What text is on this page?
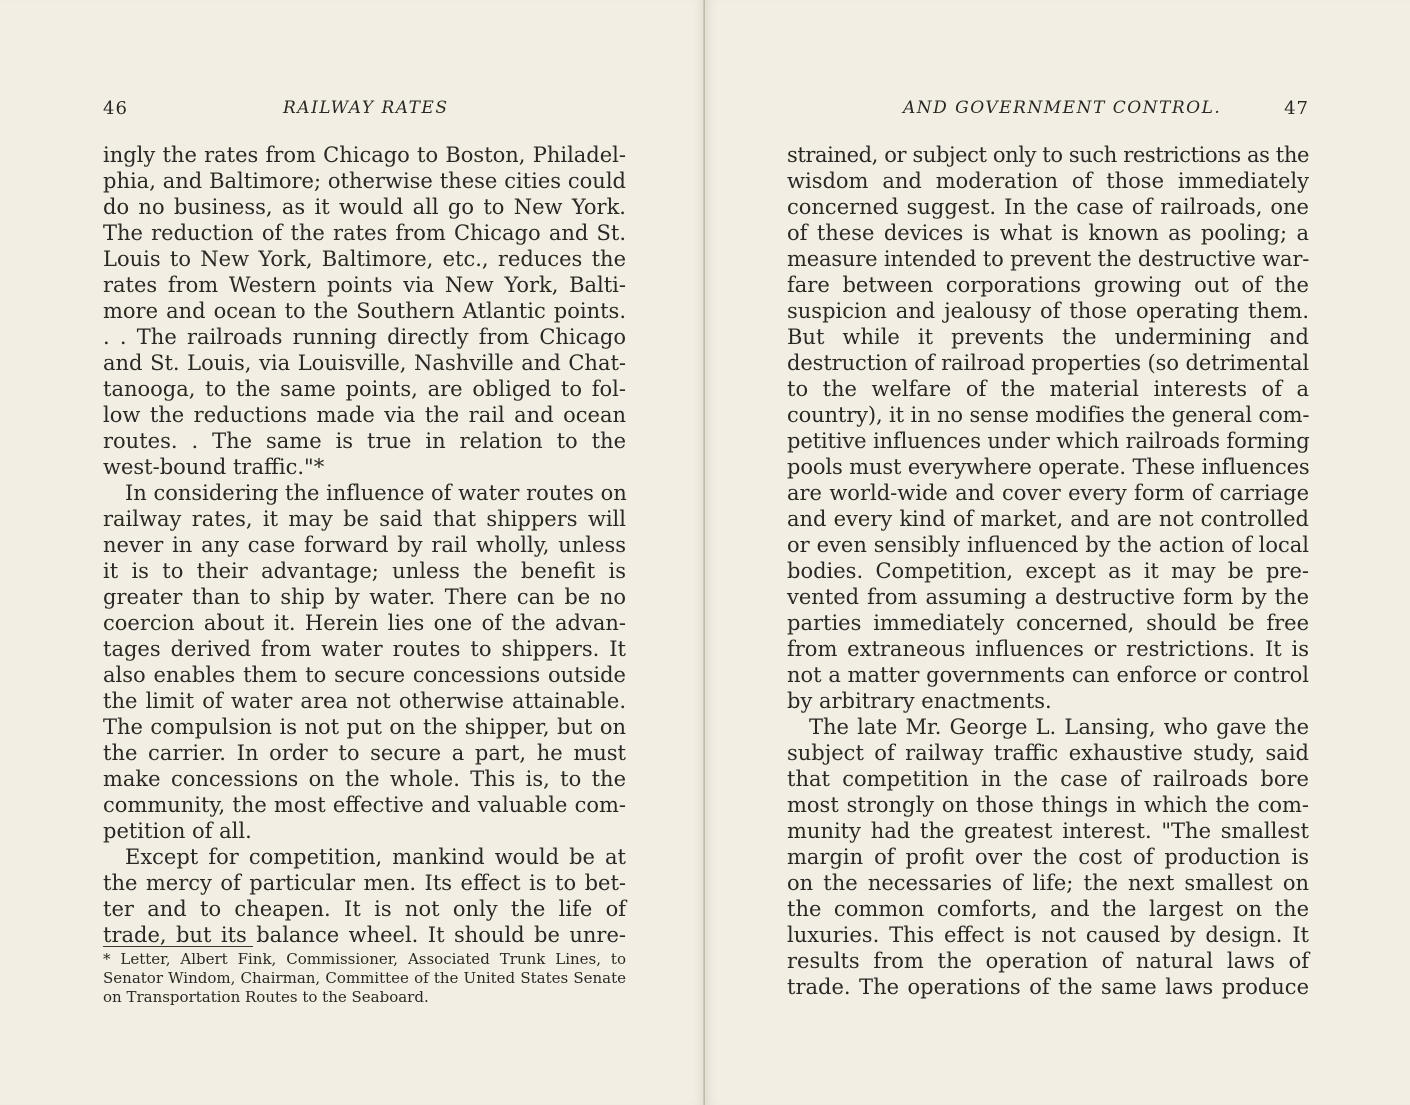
46	RAILWAY RATES
ingly the rates from Chicago to Boston, Philadel-
phia, and Baltimore; otherwise these cities could
do no business, as it would all go to New York.
The reduction of the rates from Chicago and St.
Louis to New York, Baltimore, etc., reduces the
rates from Western points via New York, Balti-
more and ocean to the Southern Atlantic points.
. . The railroads running directly from Chicago
and St. Louis, via Louisville, Nashville and Chat-
tanooga, to the same points, are obliged to fol-
low the reductions made via the rail and ocean
routes. . The same is true in relation to the
west-bound traffic."*
In considering the influence of water routes on
railway rates, it may be said that shippers will
never in any case forward by rail wholly, unless
it is to their advantage; unless the benefit is
greater than to ship by water. There can be no
coercion about it. Herein lies one of the advan-
tages derived from water routes to shippers. It
also enables them to secure concessions outside
the limit of water area not otherwise attainable.
The compulsion is not put on the shipper, but on
the carrier. In order to secure a part, he must
make concessions on the whole. This is, to the
community, the most effective and valuable com-
petition of all.
Except for competition, mankind would be at
the mercy of particular men. Its effect is to bet-
ter and to cheapen. It is not only the life of
trade, but its balance wheel. It should be unre-
* Letter, Albert Fink, Commissioner, Associated Trunk Lines, to Senator Windom, Chairman, Committee of the United States Senate on Transportation Routes to the Seaboard.
AND GOVERNMENT CONTROL.	47
strained, or subject only to such restrictions as the
wisdom and moderation of those immediately
concerned suggest. In the case of railroads, one
of these devices is what is known as pooling; a
measure intended to prevent the destructive war-
fare between corporations growing out of the
suspicion and jealousy of those operating them.
But while it prevents the undermining and
destruction of railroad properties (so detrimental
to the welfare of the material interests of a
country), it in no sense modifies the general com-
petitive influences under which railroads forming
pools must everywhere operate. These influences
are world-wide and cover every form of carriage
and every kind of market, and are not controlled
or even sensibly influenced by the action of local
bodies. Competition, except as it may be pre-
vented from assuming a destructive form by the
parties immediately concerned, should be free
from extraneous influences or restrictions. It is
not a matter governments can enforce or control
by arbitrary enactments.
The late Mr. George L. Lansing, who gave the
subject of railway traffic exhaustive study, said
that competition in the case of railroads bore
most strongly on those things in which the com-
munity had the greatest interest. "The smallest
margin of profit over the cost of production is
on the necessaries of life; the next smallest on
the common comforts, and the largest on the
luxuries. This effect is not caused by design. It
results from the operation of natural laws of
trade. The operations of the same laws produce
